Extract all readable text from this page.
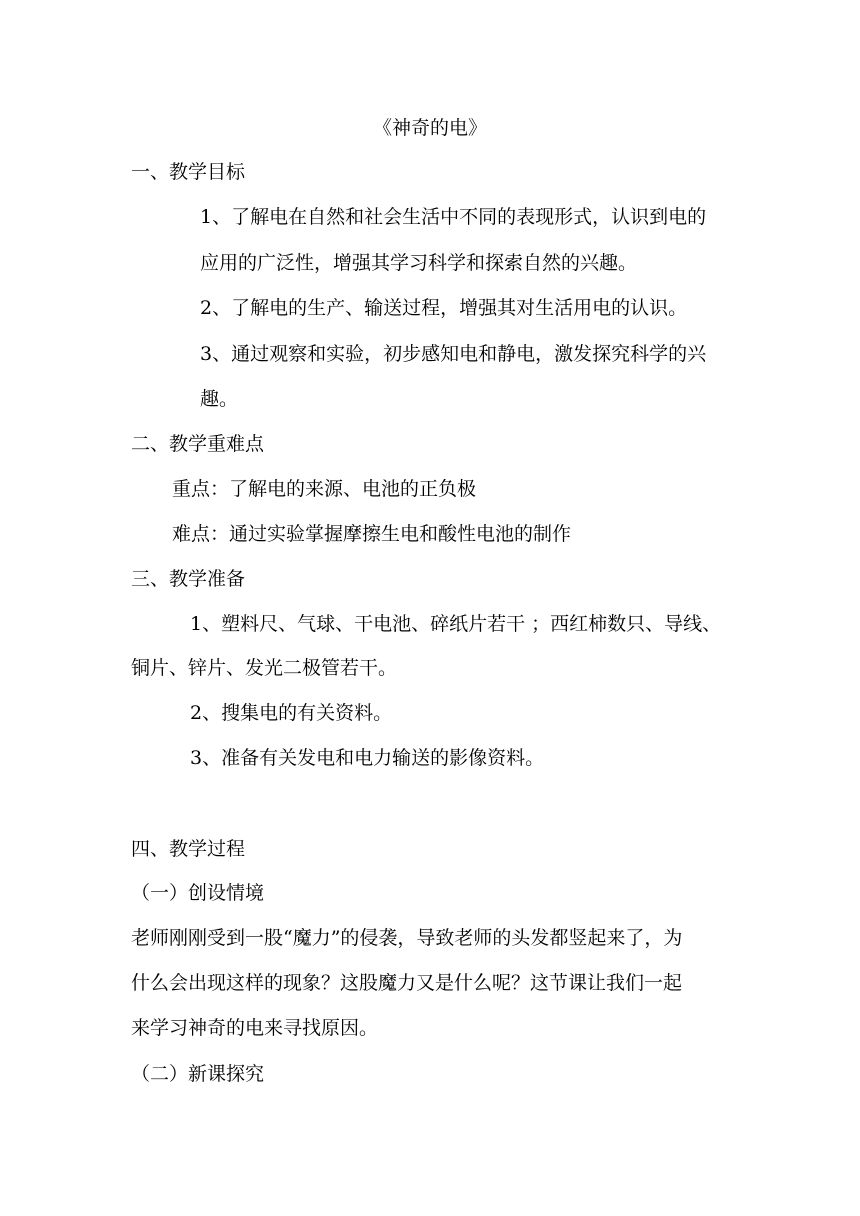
《神奇的电》
一、教学目标
1、了解电在自然和社会生活中不同的表现形式，认识到电的
应用的广泛性，增强其学习科学和探索自然的兴趣。
2、了解电的生产、输送过程，增强其对生活用电的认识。
3、通过观察和实验，初步感知电和静电，激发探究科学的兴
趣。
二、教学重难点
重点：了解电的来源、电池的正负极
难点：通过实验掌握摩擦生电和酸性电池的制作
三、教学准备
1、塑料尺、气球、干电池、碎纸片若干 ；西红柿数只、导线、
铜片、锌片、发光二极管若干。
2、搜集电的有关资料。
3、准备有关发电和电力输送的影像资料。
四、教学过程
（一）创设情境
老师刚刚受到一股“魔力”的侵袭，导致老师的头发都竖起来了，为
什么会出现这样的现象？这股魔力又是什么呢？这节课让我们一起
来学习神奇的电来寻找原因。
（二）新课探究
